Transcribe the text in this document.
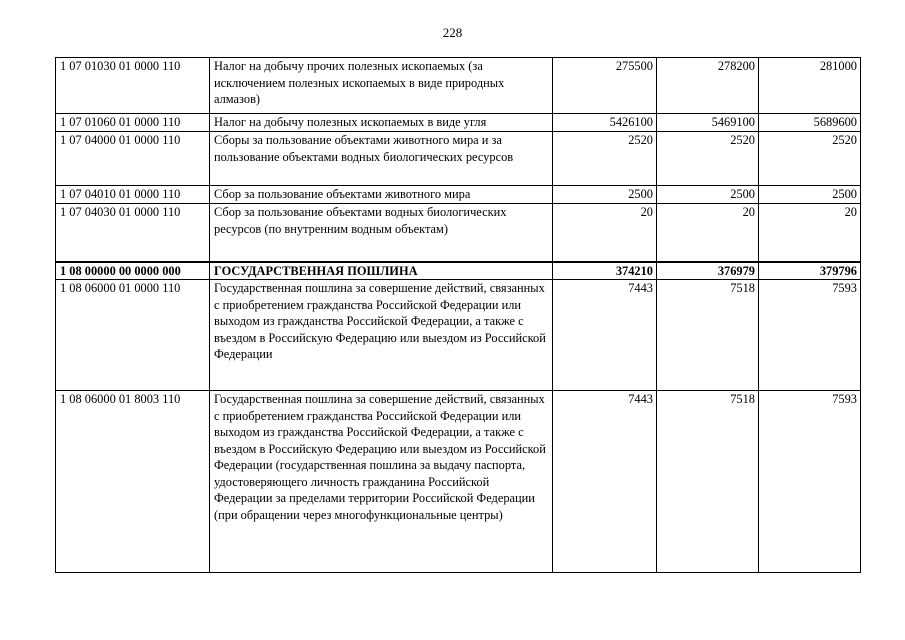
228
1 07 01030 01 0000 110	Налог на добычу прочих полезных ископаемых (за исключением полезных ископаемых в виде природных алмазов)	275500	278200	281000
1 07 01060 01 0000 110	Налог на добычу полезных ископаемых в виде угля	5426100	5469100	5689600
1 07 04000 01 0000 110	Сборы за пользование объектами животного мира и за пользование объектами водных биологических ресурсов	2520	2520	2520
1 07 04010 01 0000 110	Сбор за пользование объектами животного мира	2500	2500	2500
1 07 04030 01 0000 110	Сбор за пользование объектами водных биологических ресурсов (по внутренним водным объектам)	20	20	20
1 08 00000 00 0000 000	ГОСУДАРСТВЕННАЯ ПОШЛИНА	374210	376979	379796
1 08 06000 01 0000 110	Государственная пошлина за совершение действий, связанных с приобретением гражданства Российской Федерации или выходом из гражданства Российской Федерации, а также с въездом в Российскую Федерацию или выездом из Российской Федерации	7443	7518	7593
1 08 06000 01 8003 110	Государственная пошлина за совершение действий, связанных с приобретением гражданства Российской Федерации или выходом из гражданства Российской Федерации, а также с въездом в Российскую Федерацию или выездом из Российской Федерации (государственная пошлина за выдачу паспорта, удостоверяющего личность гражданина Российской Федерации за пределами территории Российской Федерации (при обращении через многофункциональные центры)	7443	7518	7593
